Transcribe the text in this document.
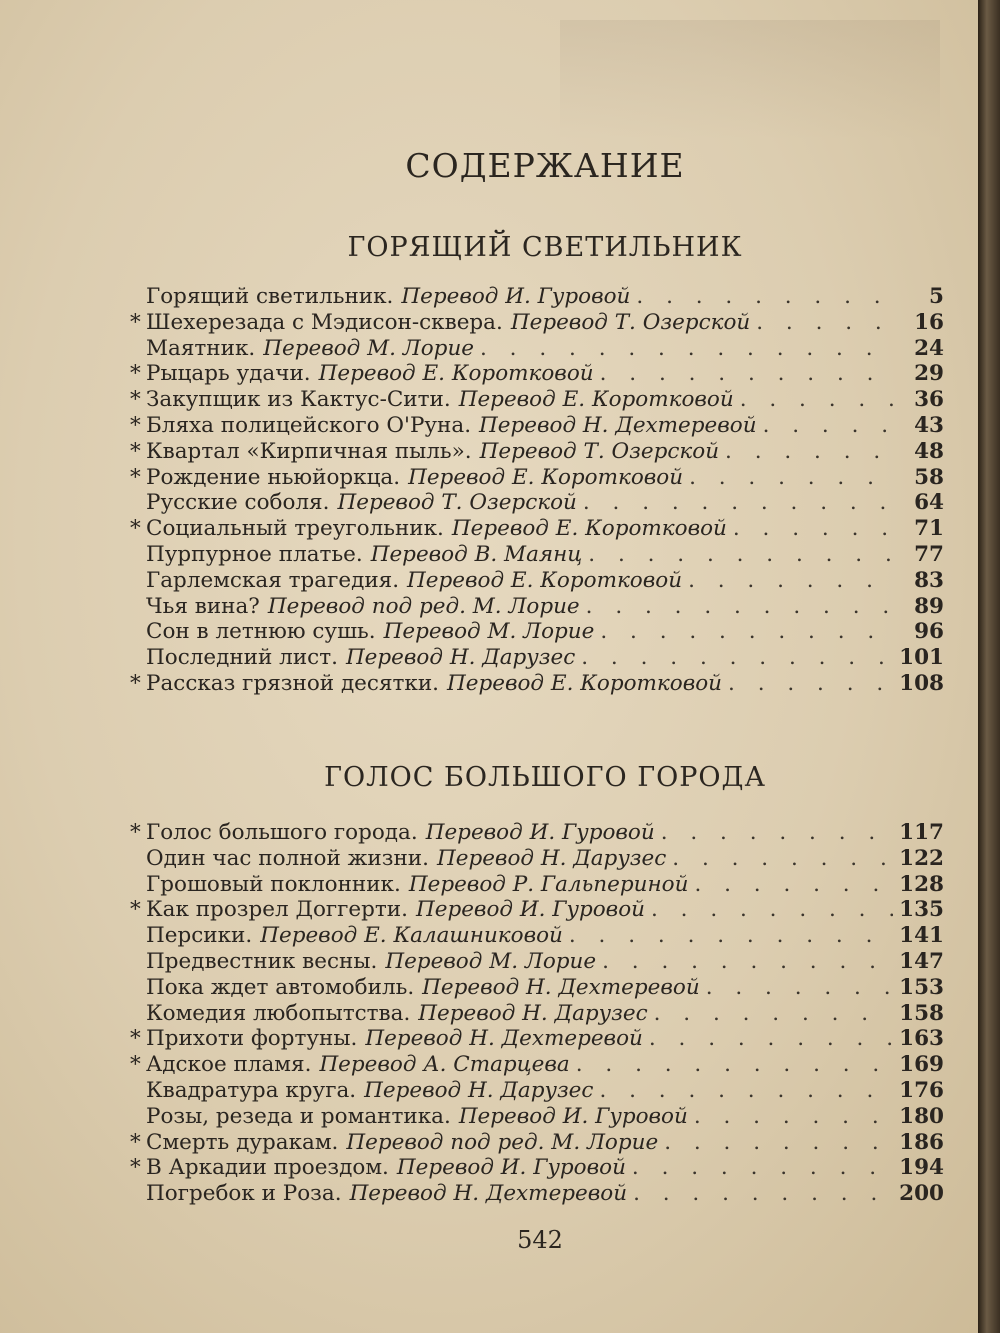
СОДЕРЖАНИЕ
ГОРЯЩИЙ СВЕТИЛЬНИК
Горящий светильник. Перевод И. Гуровой . . .	5
* Шехерезада с Мэдисон-сквера. Перевод Т. Озерской . . .	16
Маятник. Перевод М. Лорие . . .	24
* Рыцарь удачи. Перевод Е. Коротковой . . .	29
* Закупщик из Кактус-Сити. Перевод Е. Коротковой . . .	36
* Бляха полицейского О'Руна. Перевод Н. Дехтеревой . . .	43
* Квартал «Кирпичная пыль». Перевод Т. Озерской . . .	48
* Рождение ньюйоркца. Перевод Е. Коротковой . . .	58
Русские соболя. Перевод Т. Озерской . . .	64
* Социальный треугольник. Перевод Е. Коротковой . . .	71
Пурпурное платье. Перевод В. Маянц . . .	77
Гарлемская трагедия. Перевод Е. Коротковой . . .	83
Чья вина? Перевод под ред. М. Лорие . . .	89
Сон в летнюю сушь. Перевод М. Лорие . . .	96
Последний лист. Перевод Н. Дарузес . . .	101
* Рассказ грязной десятки. Перевод Е. Коротковой . . .	108
ГОЛОС БОЛЬШОГО ГОРОДА
* Голос большого города. Перевод И. Гуровой . . .	117
Один час полной жизни. Перевод Н. Дарузес . . .	122
Грошовый поклонник. Перевод Р. Гальпериной . . .	128
* Как прозрел Доггерти. Перевод И. Гуровой . . .	135
Персики. Перевод Е. Калашниковой . . .	141
Предвестник весны. Перевод М. Лорие . . .	147
Пока ждет автомобиль. Перевод Н. Дехтеревой . . .	153
Комедия любопытства. Перевод Н. Дарузес . . .	158
* Прихоти фортуны. Перевод Н. Дехтеревой . . .	163
* Адское пламя. Перевод А. Старцева . . .	169
Квадратура круга. Перевод Н. Дарузес . . .	176
Розы, резеда и романтика. Перевод И. Гуровой . . .	180
* Смерть дуракам. Перевод под ред. М. Лорие . . .	186
* В Аркадии проездом. Перевод И. Гуровой . . .	194
Погребок и Роза. Перевод Н. Дехтеревой . . .	200
542
